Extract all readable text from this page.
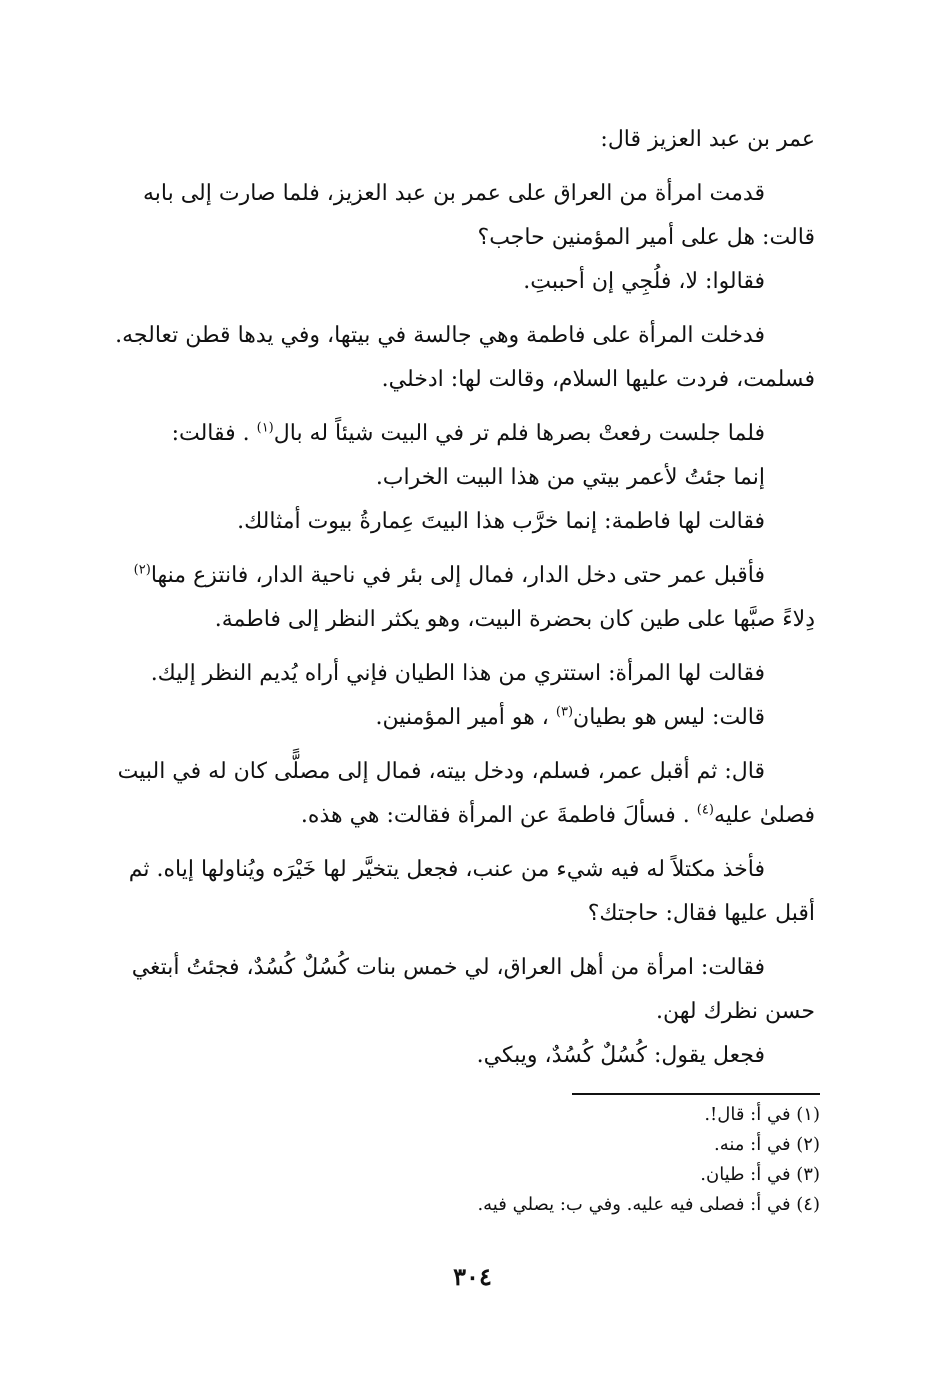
عمر بن عبد العزيز قال:

قدمت امرأة من العراق على عمر بن عبد العزيز، فلما صارت إلى بابه
قالت: هل على أمير المؤمنين حاجب؟
فقالوا: لا، فلُجِي إن أحببتِ.

فدخلت المرأة على فاطمة وهي جالسة في بيتها، وفي يدها قطن تعالجه.
فسلمت، فردت عليها السلام، وقالت لها: ادخلي.

فلما جلست رفعتْ بصرها فلم تر في البيت شيئاً له بال$^{(١)}$ . فقالت:
إنما جئتُ لأعمر بيتي من هذا البيت الخراب.
فقالت لها فاطمة: إنما خرَّب هذا البيتَ عِمارةُ بيوت أمثالك.

فأقبل عمر حتى دخل الدار، فمال إلى بئر في ناحية الدار، فانتزع منها$^{(٢)}$
دِلاءً صبَّها على طين كان بحضرة البيت، وهو يكثر النظر إلى فاطمة.

فقالت لها المرأة: استتري من هذا الطيان فإني أراه يُديم النظر إليك.
قالت: ليس هو بطيان$^{(٣)}$ ، هو أمير المؤمنين.

قال: ثم أقبل عمر، فسلم، ودخل بيته، فمال إلى مصلًّى كان له في البيت
فصلىٰ عليه$^{(٤)}$ . فسألَ فاطمةَ عن المرأة فقالت: هي هذه.

فأخذ مكتلاً له فيه شيء من عنب، فجعل يتخيَّر لها خَيْرَه ويُناولها إياه. ثم
أقبل عليها فقال: حاجتك؟

فقالت: امرأة من أهل العراق، لي خمس بنات كُسُلٌ كُسُدٌ، فجئتُ أبتغي
حسن نظرك لهن.
فجعل يقول: كُسُلٌ كُسُدٌ، ويبكي.

(١) في أ: قال!.
(٢) في أ: منه.
(٣) في أ: طيان.
(٤) في أ: فصلى فيه عليه. وفي ب: يصلي فيه.
٣٠٤
